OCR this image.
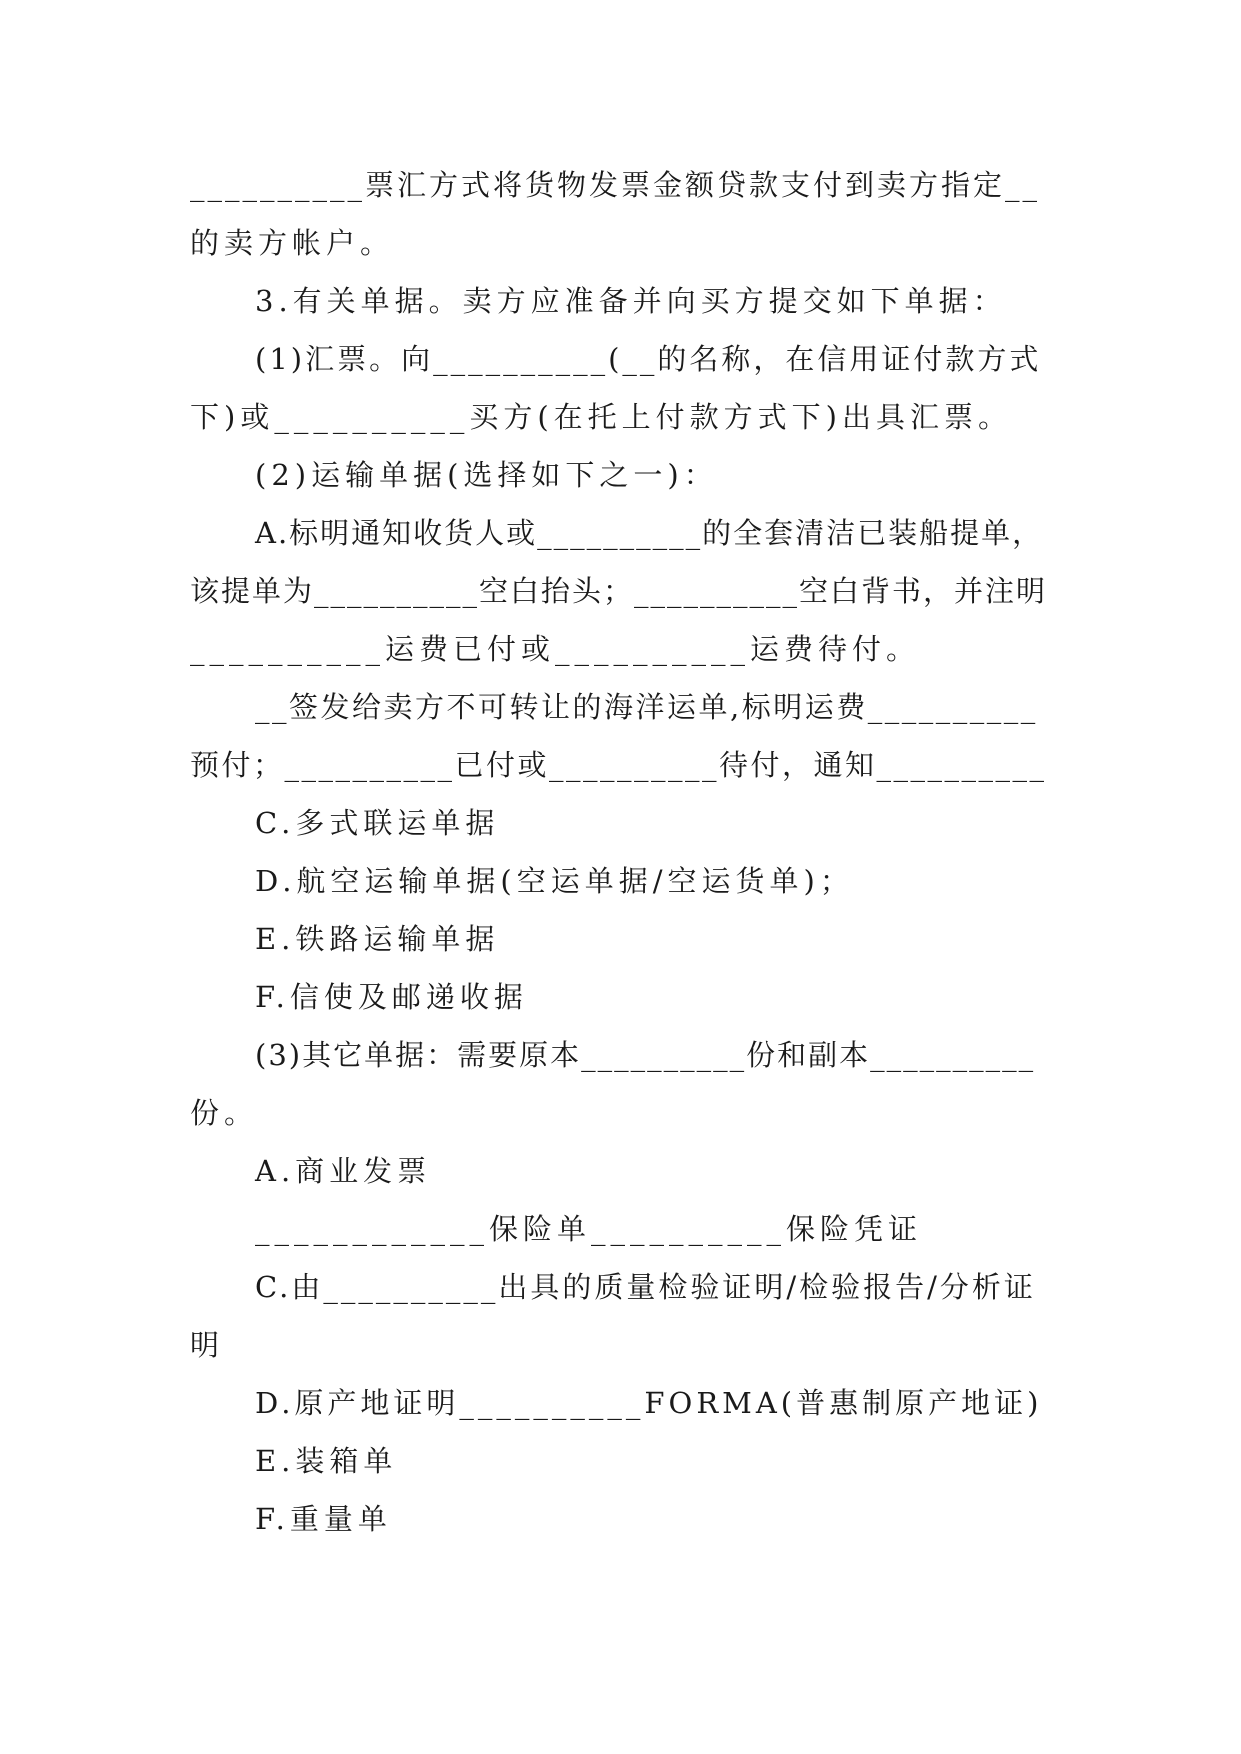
__________票汇方式将货物发票金额贷款支付到卖方指定__
的卖方帐户。
3.有关单据。卖方应准备并向买方提交如下单据：
(1)汇票。向__________(__的名称，在信用证付款方式
下)或__________买方(在托上付款方式下)出具汇票。
(2)运输单据(选择如下之一)：
A.标明通知收货人或__________的全套清洁已装船提单，
该提单为__________空白抬头；__________空白背书，并注明
__________运费已付或__________运费待付。
__签发给卖方不可转让的海洋运单,标明运费__________
预付；__________已付或__________待付，通知__________
C.多式联运单据
D.航空运输单据(空运单据/空运货单)；
E.铁路运输单据
F.信使及邮递收据
(3)其它单据：需要原本__________份和副本__________
份。
A.商业发票
____________保险单__________保险凭证
C.由__________出具的质量检验证明/检验报告/分析证
明
D.原产地证明__________FORMA(普惠制原产地证)
E.装箱单
F.重量单
